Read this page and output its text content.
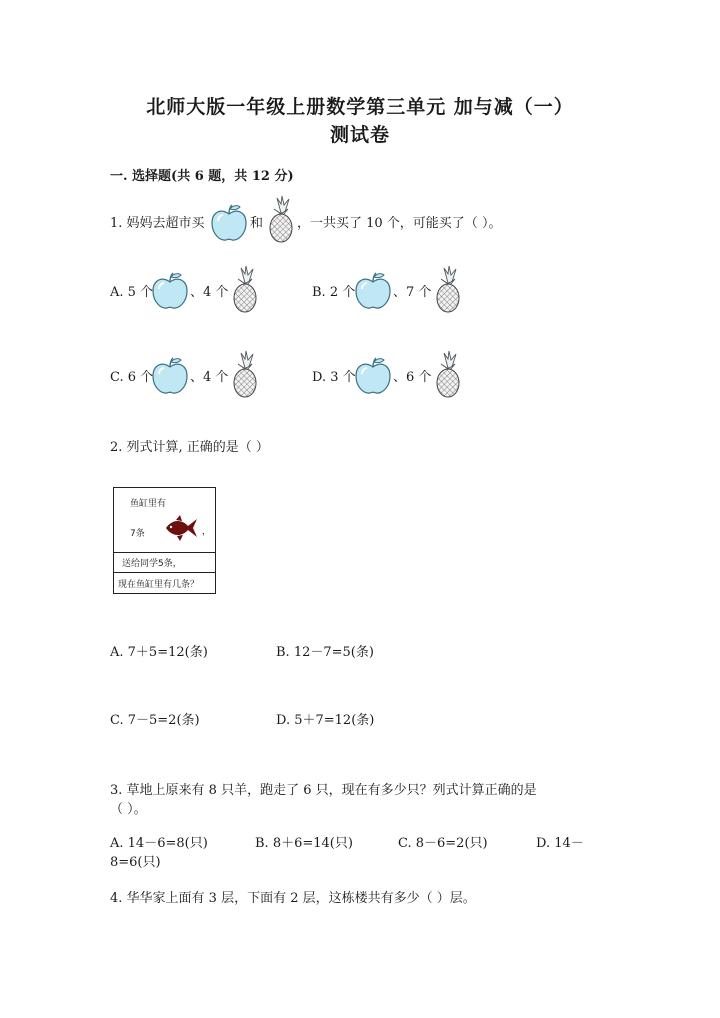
北师大版一年级上册数学第三单元 加与减（一）
测试卷
一. 选择题(共 6 题，共 12 分)
1. 妈妈去超市买	和	，一共买了 10 个，可能买了（ ）。
A. 5 个	、4 个	B. 2 个	、7 个
C. 6 个	、4 个	D. 3 个	、6 个
2. 列式计算, 正确的是（ ）
鱼缸里有
7条	，
送给同学5条，
现在鱼缸里有几条？
A. 7＋5=12(条)	B. 12－7=5(条)
C. 7－5=2(条)	D. 5＋7=12(条)
3. 草地上原来有 8 只羊，跑走了 6 只，现在有多少只？列式计算正确的是
（ ）。
A. 14－6=8(只)	B. 8＋6=14(只)	C. 8－6=2(只)	D. 14－
8=6(只)
4. 华华家上面有 3 层，下面有 2 层，这栋楼共有多少（ ）层。
